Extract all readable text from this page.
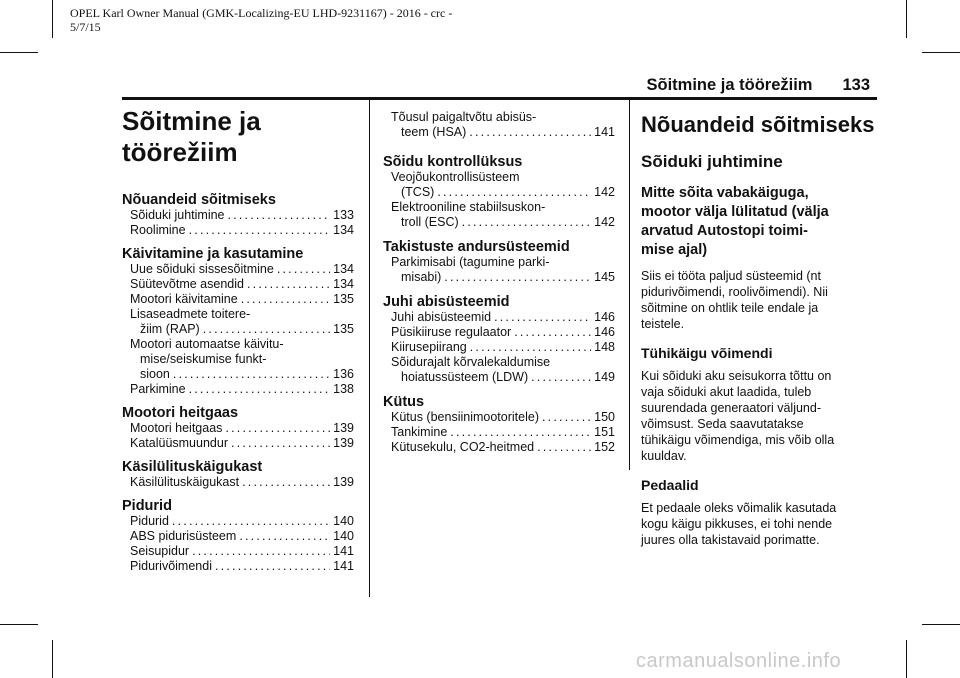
OPEL Karl Owner Manual (GMK-Localizing-EU LHD-9231167) - 2016 - crc -
5/7/15
Sõitmine ja töörežiim 133
Sõitmine ja
töörežiim
Nõuandeid sõitmiseks
Sõiduki juhtimine .....	133
Roolimine .....	134
Käivitamine ja kasutamine
Uue sõiduki sissesõitmine .....	134
Süütevõtme asendid .....	134
Mootori käivitamine .....	135
Lisaseadmete toitere-
žiim (RAP) .....	135
Mootori automaatse käivitu-
mise/seiskumise funkt-
sioon .....	136
Parkimine .....	138
Mootori heitgaas
Mootori heitgaas .....	139
Katalüüsmuundur .....	139
Käsilülituskäigukast
Käsilülituskäigukast .....	139
Pidurid
Pidurid .....	140
ABS pidurisüsteem .....	140
Seisupidur .....	141
Pidurivõimendi .....	141
Tõusul paigaltvõtu abisüs-
teem (HSA) .....	141
Sõidu kontrollüksus
Veojõukontrollisüsteem
(TCS) .....	142
Elektrooniline stabiilsuskon-
troll (ESC) .....	142
Takistuste andursüsteemid
Parkimisabi (tagumine parki-
misabi) .....	145
Juhi abisüsteemid
Juhi abisüsteemid .....	146
Püsikiiruse regulaator .....	146
Kiirusepiirang .....	148
Sõidurajalt kõrvalekaldumise
hoiatussüsteem (LDW) .....	149
Kütus
Kütus (bensiinimootoritele) .....	150
Tankimine .....	151
Kütusekulu, CO2-heitmed .....	152
Nõuandeid sõitmiseks
Sõiduki juhtimine
Mitte sõita vabakäiguga,
mootor välja lülitatud (välja
arvatud Autostopi toimi-
mise ajal)
Siis ei tööta paljud süsteemid (nt
pidurivõimendi, roolivõimendi). Nii
sõitmine on ohtlik teile endale ja
teistele.
Tühikäigu võimendi
Kui sõiduki aku seisukorra tõttu on
vaja sõiduki akut laadida, tuleb
suurendada generaatori väljund-
võimsust. Seda saavutatakse
tühikäigu võimendiga, mis võib olla
kuuldav.
Pedaalid
Et pedaale oleks võimalik kasutada
kogu käigu pikkuses, ei tohi nende
juures olla takistavaid porimatte.
carmanualsonline.info
